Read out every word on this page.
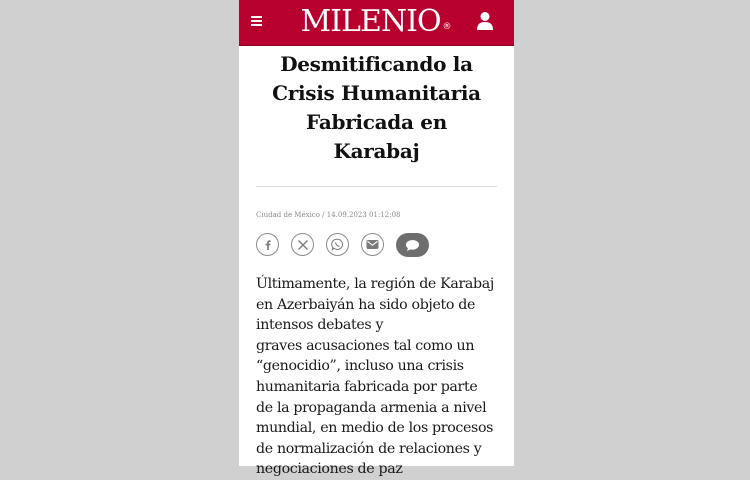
MILENIO ®
Desmitificando la
Crisis Humanitaria
Fabricada en
Karabaj
Ciudad de México / 14.09.2023 01:12:08
Últimamente, la región de Karabaj
en Azerbaiyán ha sido objeto de
intensos debates y
graves acusaciones tal como un
“genocidio”, incluso una crisis
humanitaria fabricada por parte
de la propaganda armenia a nivel
mundial, en medio de los procesos
de normalización de relaciones y
negociaciones de paz
